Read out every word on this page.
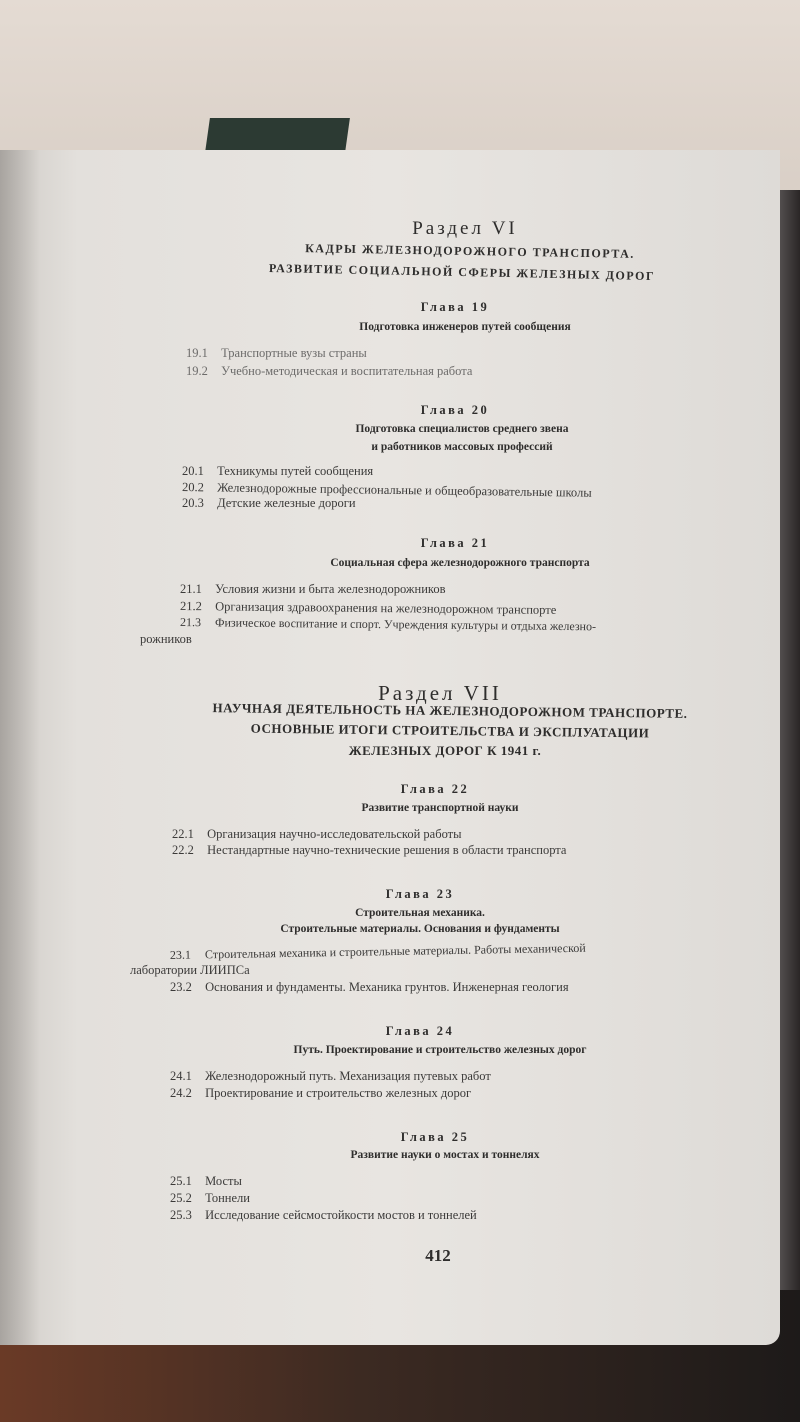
Раздел VI
КАДРЫ ЖЕЛЕЗНОДОРОЖНОГО ТРАНСПОРТА.
РАЗВИТИЕ СОЦИАЛЬНОЙ СФЕРЫ ЖЕЛЕЗНЫХ ДОРОГ
Глава 19
Подготовка инженеров путей сообщения
19.1 Транспортные вузы страны
19.2 Учебно-методическая и воспитательная работа
Глава 20
Подготовка специалистов среднего звена
и работников массовых профессий
20.1 Техникумы путей сообщения
20.2 Железнодорожные профессиональные и общеобразовательные школы
20.3 Детские железные дороги
Глава 21
Социальная сфера железнодорожного транспорта
21.1 Условия жизни и быта железнодорожников
21.2 Организация здравоохранения на железнодорожном транспорте
21.3 Физическое воспитание и спорт. Учреждения культуры и отдыха железно-
рожников
Раздел VII
НАУЧНАЯ ДЕЯТЕЛЬНОСТЬ НА ЖЕЛЕЗНОДОРОЖНОМ ТРАНСПОРТЕ.
ОСНОВНЫЕ ИТОГИ СТРОИТЕЛЬСТВА И ЭКСПЛУАТАЦИИ
ЖЕЛЕЗНЫХ ДОРОГ К 1941 г.
Глава 22
Развитие транспортной науки
22.1 Организация научно-исследовательской работы
22.2 Нестандартные научно-технические решения в области транспорта
Глава 23
Строительная механика.
Строительные материалы. Основания и фундаменты
23.1 Строительная механика и строительные материалы. Работы механической
лаборатории ЛИИПСа
23.2 Основания и фундаменты. Механика грунтов. Инженерная геология
Глава 24
Путь. Проектирование и строительство железных дорог
24.1 Железнодорожный путь. Механизация путевых работ
24.2 Проектирование и строительство железных дорог
Глава 25
Развитие науки о мостах и тоннелях
25.1 Мосты
25.2 Тоннели
25.3 Исследование сейсмостойкости мостов и тоннелей
412
